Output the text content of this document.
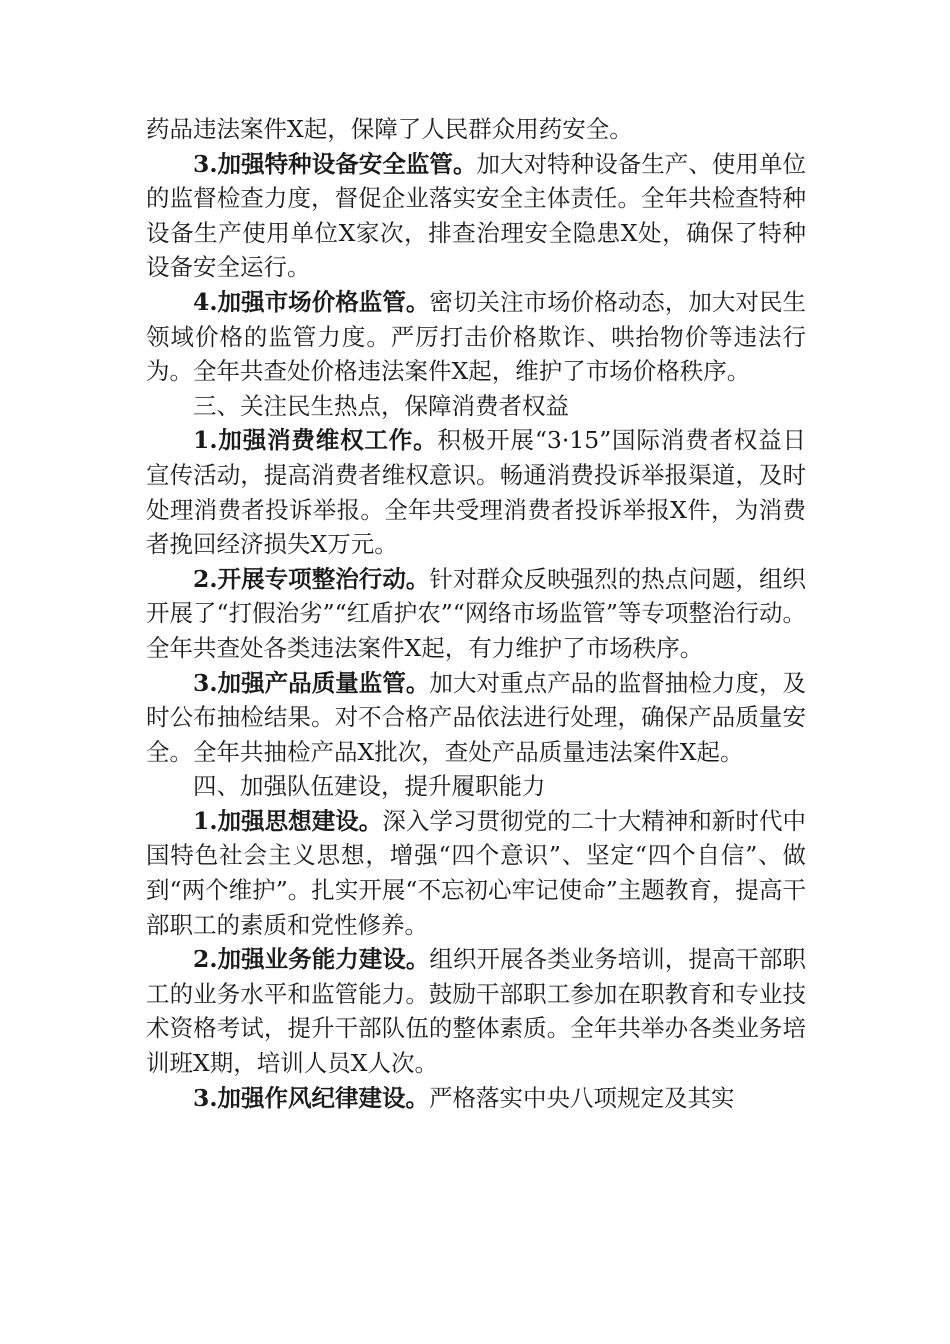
药品违法案件X起，保障了人民群众用药安全。

3.加强特种设备安全监管。加大对特种设备生产、使用单位的监督检查力度，督促企业落实安全主体责任。全年共检查特种设备生产使用单位X家次，排查治理安全隐患X处，确保了特种设备安全运行。

4.加强市场价格监管。密切关注市场价格动态，加大对民生领域价格的监管力度。严厉打击价格欺诈、哄抬物价等违法行为。全年共查处价格违法案件X起，维护了市场价格秩序。

三、关注民生热点，保障消费者权益

1.加强消费维权工作。积极开展“3·15”国际消费者权益日宣传活动，提高消费者维权意识。畅通消费投诉举报渠道，及时处理消费者投诉举报。全年共受理消费者投诉举报X件，为消费者挽回经济损失X万元。

2.开展专项整治行动。针对群众反映强烈的热点问题，组织开展了“打假治劣”“红盾护农”“网络市场监管”等专项整治行动。全年共查处各类违法案件X起，有力维护了市场秩序。

3.加强产品质量监管。加大对重点产品的监督抽检力度，及时公布抽检结果。对不合格产品依法进行处理，确保产品质量安全。全年共抽检产品X批次，查处产品质量违法案件X起。

四、加强队伍建设，提升履职能力

1.加强思想建设。深入学习贯彻党的二十大精神和新时代中国特色社会主义思想，增强“四个意识”、坚定“四个自信”、做到“两个维护”。扎实开展“不忘初心牢记使命”主题教育，提高干部职工的素质和党性修养。

2.加强业务能力建设。组织开展各类业务培训，提高干部职工的业务水平和监管能力。鼓励干部职工参加在职教育和专业技术资格考试，提升干部队伍的整体素质。全年共举办各类业务培训班X期，培训人员X人次。

3.加强作风纪律建设。严格落实中央八项规定及其实
